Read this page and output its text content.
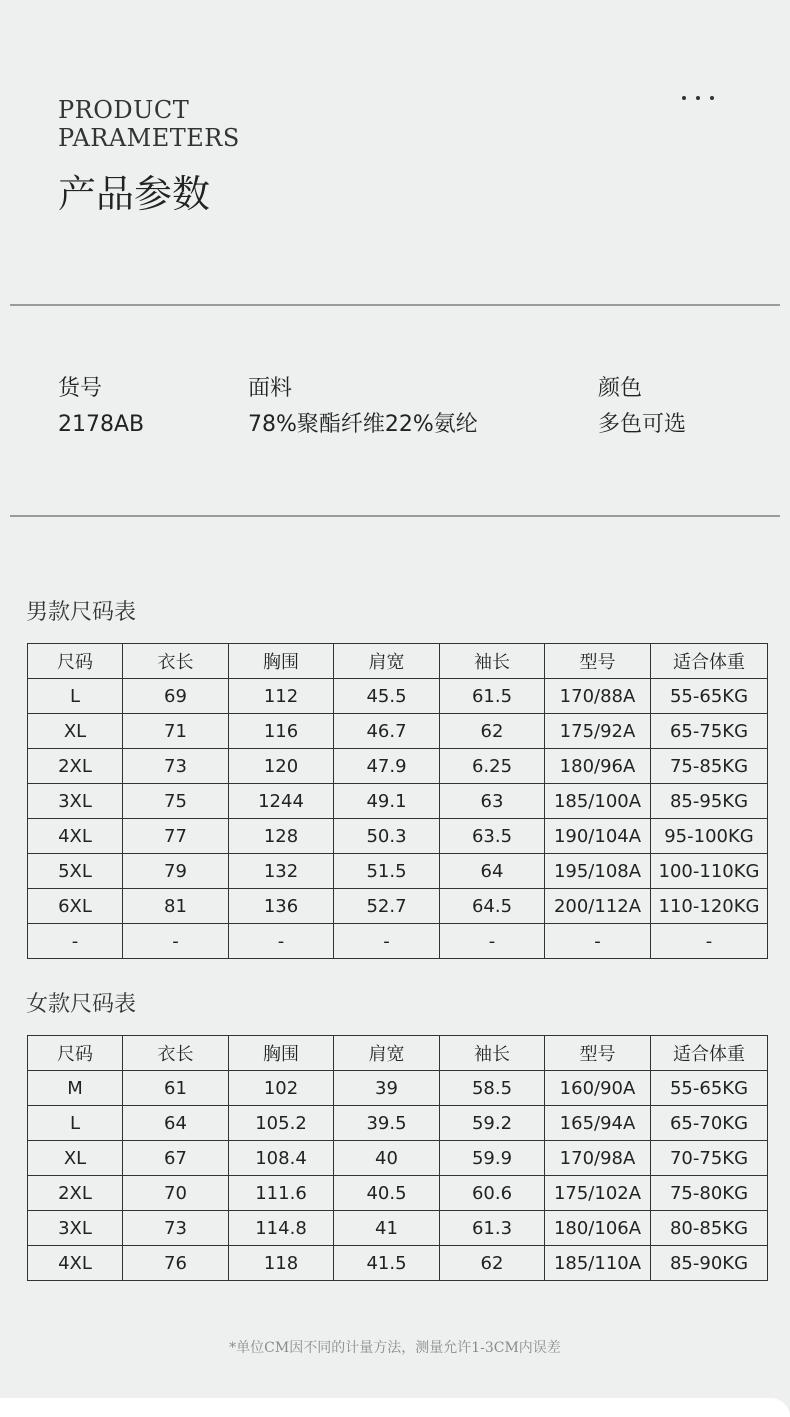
PRODUCT
PARAMETERS
产品参数
货号
2178AB
面料
78%聚酯纤维22%氨纶
颜色
多色可选
男款尺码表
尺码	衣长	胸围	肩宽	袖长	型号	适合体重
L	69	112	45.5	61.5	170/88A	55-65KG
XL	71	116	46.7	62	175/92A	65-75KG
2XL	73	120	47.9	6.25	180/96A	75-85KG
3XL	75	1244	49.1	63	185/100A	85-95KG
4XL	77	128	50.3	63.5	190/104A	95-100KG
5XL	79	132	51.5	64	195/108A	100-110KG
6XL	81	136	52.7	64.5	200/112A	110-120KG
-	-	-	-	-	-	-
女款尺码表
尺码	衣长	胸围	肩宽	袖长	型号	适合体重
M	61	102	39	58.5	160/90A	55-65KG
L	64	105.2	39.5	59.2	165/94A	65-70KG
XL	67	108.4	40	59.9	170/98A	70-75KG
2XL	70	111.6	40.5	60.6	175/102A	75-80KG
3XL	73	114.8	41	61.3	180/106A	80-85KG
4XL	76	118	41.5	62	185/110A	85-90KG
*单位CM因不同的计量方法，测量允许1-3CM内误差
